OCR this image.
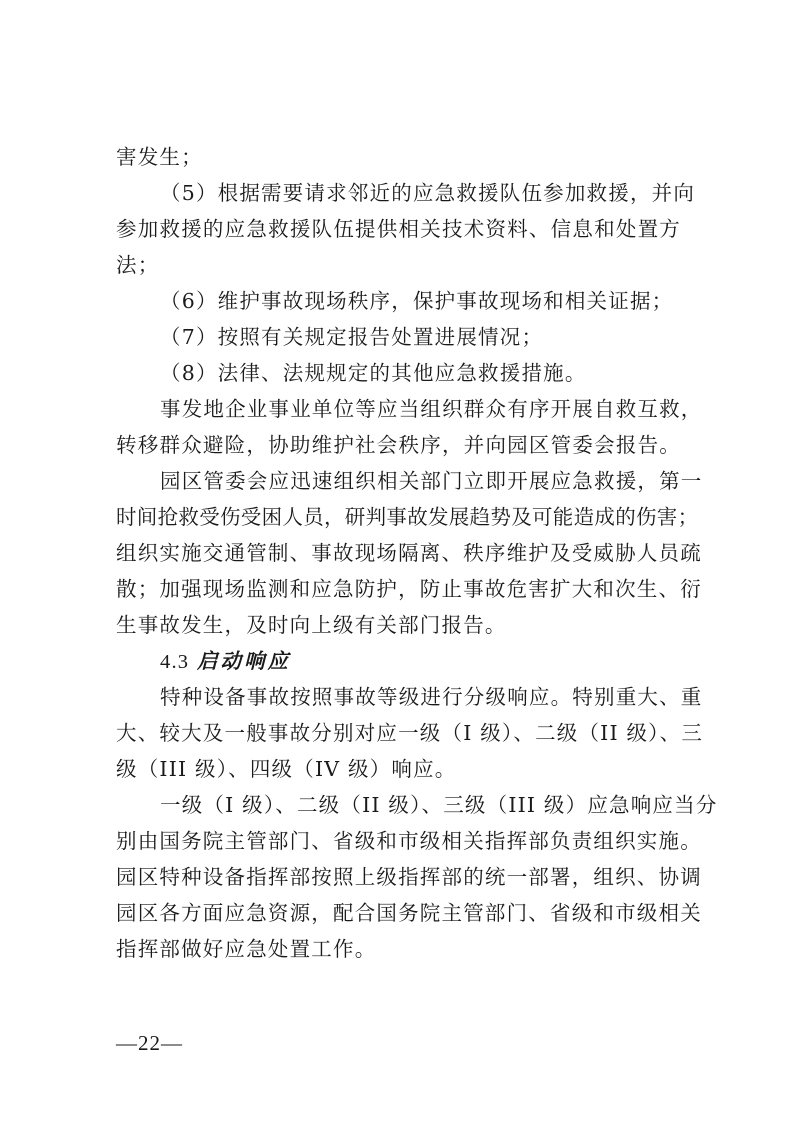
害发生；
（5）根据需要请求邻近的应急救援队伍参加救援，并向
参加救援的应急救援队伍提供相关技术资料、信息和处置方
法；
（6）维护事故现场秩序，保护事故现场和相关证据；
（7）按照有关规定报告处置进展情况；
（8）法律、法规规定的其他应急救援措施。
事发地企业事业单位等应当组织群众有序开展自救互救，
转移群众避险，协助维护社会秩序，并向园区管委会报告。
园区管委会应迅速组织相关部门立即开展应急救援，第一
时间抢救受伤受困人员，研判事故发展趋势及可能造成的伤害；
组织实施交通管制、事故现场隔离、秩序维护及受威胁人员疏
散；加强现场监测和应急防护，防止事故危害扩大和次生、衍
生事故发生，及时向上级有关部门报告。
4.3 启动响应
特种设备事故按照事故等级进行分级响应。特别重大、重
大、较大及一般事故分别对应一级（I 级）、二级（II 级）、三
级（III 级）、四级（IV 级）响应。
一级（I 级）、二级（II 级）、三级（III 级）应急响应当分
别由国务院主管部门、省级和市级相关指挥部负责组织实施。
园区特种设备指挥部按照上级指挥部的统一部署，组织、协调
园区各方面应急资源，配合国务院主管部门、省级和市级相关
指挥部做好应急处置工作。
—22—
